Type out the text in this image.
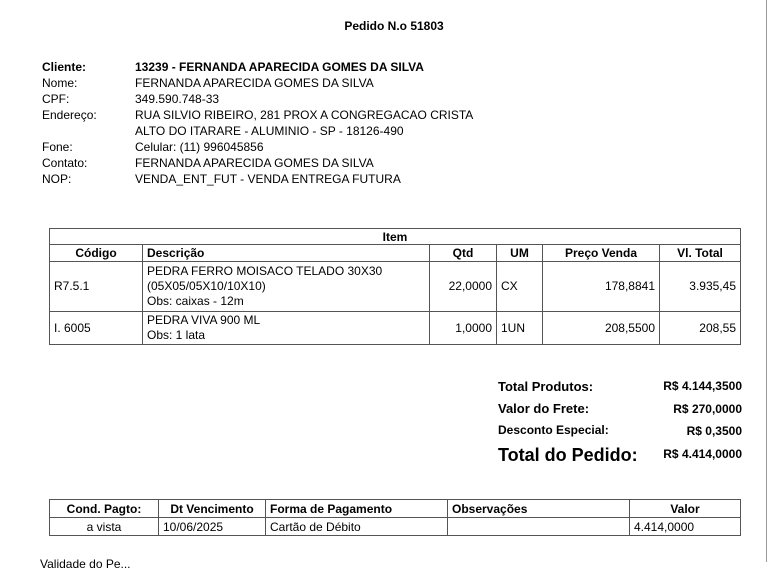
Pedido N.o 51803
Cliente:	13239 - FERNANDA APARECIDA GOMES DA SILVA
Nome:	FERNANDA APARECIDA GOMES DA SILVA
CPF:	349.590.748-33
Endereço:	RUA SILVIO RIBEIRO, 281 PROX A CONGREGACAO CRISTA
ALTO DO ITARARE - ALUMINIO - SP - 18126-490
Fone:	Celular: (11) 996045856
Contato:	FERNANDA APARECIDA GOMES DA SILVA
NOP:	VENDA_ENT_FUT - VENDA ENTREGA FUTURA
Item					
Código	Descrição	Qtd	UM	Preço Venda	Vl. Total
R7.5.1	PEDRA FERRO MOISACO TELADO 30X30
(05X05/05X10/10X10)
Obs: caixas - 12m	22,0000	CX	178,8841	3.935,45
I. 6005	PEDRA VIVA 900 ML
Obs: 1 lata	1,0000	1UN	208,5500	208,55
Total Produtos:	R$ 4.144,3500
Valor do Frete:	R$ 270,0000
Desconto Especial:	R$ 0,3500
Total do Pedido: R$ 4.414,0000
Cond. Pagto:	Dt Vencimento	Forma de Pagamento	Observações	Valor
a vista	10/06/2025	Cartão de Débito		4.414,0000
Validade do Pe...
